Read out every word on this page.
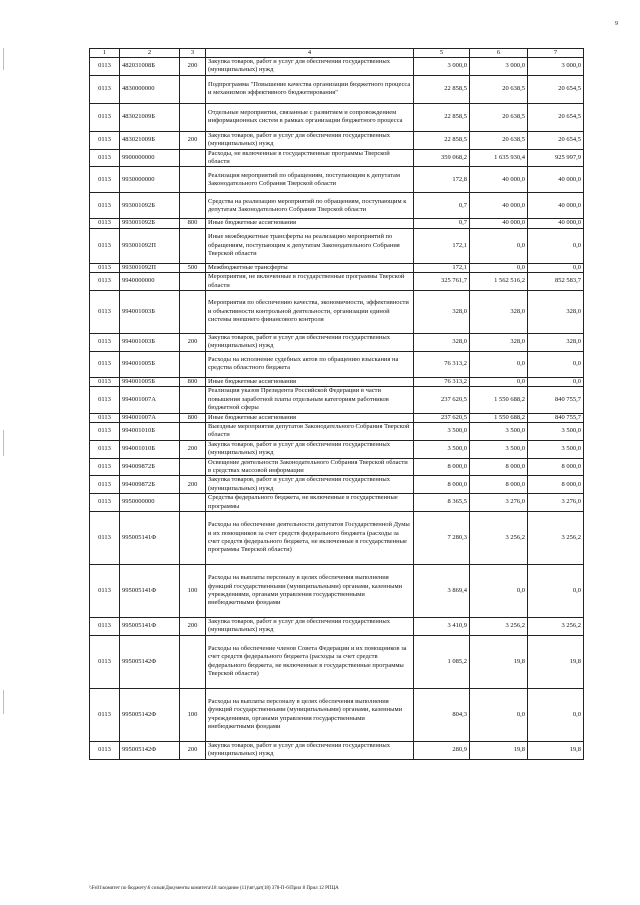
9
1	2	3	4	5	6	7
0113	482031008Б	200	Закупка товаров, работ и услуг для обеспечения государственных (муниципальных) нужд	3 000,0	3 000,0	3 000,0
0113	4830000000		Подпрограмма "Повышение качества организации бюджетного процесса и механизмов эффективного бюджетирования"	22 858,5	20 638,5	20 654,5
0113	483021009Б		Отдельные мероприятия, связанные с развитием и сопровождением информационных систем в рамках организации бюджетного процесса	22 858,5	20 638,5	20 654,5
0113	483021009Б	200	Закупка товаров, работ и услуг для обеспечения государственных (муниципальных) нужд	22 858,5	20 638,5	20 654,5
0113	9900000000		Расходы, не включенные в государственные программы Тверской области	359 068,2	1 635 930,4	925 997,9
0113	9930000000		Реализация мероприятий по обращениям, поступающим к депутатам Законодательного Собрания Тверской области	172,8	40 000,0	40 000,0
0113	993001092Б		Средства на реализацию мероприятий по обращениям, поступающим к депутатам Законодательного Собрания Тверской области	0,7	40 000,0	40 000,0
0113	993001092Б	800	Иные бюджетные ассигнования	0,7	40 000,0	40 000,0
0113	993001092П		Иные межбюджетные трансферты на реализацию мероприятий по обращениям, поступающим к депутатам Законодательного Собрания Тверской области	172,1	0,0	0,0
0113	993001092П	500	Межбюджетные трансферты	172,1	0,0	0,0
0113	9940000000		Мероприятия, не включенные в государственные программы Тверской области	325 761,7	1 562 516,2	852 583,7
0113	994001003Б		Мероприятия по обеспечению качества, экономичности, эффективности и объективности контрольной деятельности, организации единой системы внешнего финансового контроля	328,0	328,0	328,0
0113	994001003Б	200	Закупка товаров, работ и услуг для обеспечения государственных (муниципальных) нужд	328,0	328,0	328,0
0113	994001005Б		Расходы на исполнение судебных актов по обращению взыскания на средства областного бюджета	76 313,2	0,0	0,0
0113	994001005Б	800	Иные бюджетные ассигнования	76 313,2	0,0	0,0
0113	994001007А		Реализация указов Президента Российской Федерации в части повышения заработной платы отдельным категориям работников бюджетной сферы	237 620,5	1 550 688,2	840 755,7
0113	994001007А	800	Иные бюджетные ассигнования	237 620,5	1 550 688,2	840 755,7
0113	994001010Б		Выездные мероприятия депутатов Законодательного Собрания Тверской области	3 500,0	3 500,0	3 500,0
0113	994001010Б	200	Закупка товаров, работ и услуг для обеспечения государственных (муниципальных) нужд	3 500,0	3 500,0	3 500,0
0113	994009872Б		Освещение деятельности Законодательного Собрания Тверской области в средствах массовой информации	8 000,0	8 000,0	8 000,0
0113	994009872Б	200	Закупка товаров, работ и услуг для обеспечения государственных (муниципальных) нужд	8 000,0	8 000,0	8 000,0
0113	9950000000		Средства федерального бюджета, не включенные в государственные программы	8 365,5	3 276,0	3 276,0
0113	995005141Ф		Расходы на обеспечение деятельности депутатов Государственной Думы и их помощников за счет средств федерального бюджета (расходы за счет средств федерального бюджета, не включенные в государственные программы Тверской области)	7 280,3	3 256,2	3 256,2
0113	995005141Ф	100	Расходы на выплаты персоналу в целях обеспечения выполнения функций государственными (муниципальными) органами, казенными учреждениями, органами управления государственными внебюджетными фондами	3 869,4	0,0	0,0
0113	995005141Ф	200	Закупка товаров, работ и услуг для обеспечения государственных (муниципальных) нужд	3 410,9	3 256,2	3 256,2
0113	995005142Ф		Расходы на обеспечение членов Совета Федерации и их помощников за счет средств федерального бюджета (расходы за счет средств федерального бюджета, не включенные в государственные программы Тверской области)	1 085,2	19,8	19,8
0113	995005142Ф	100	Расходы на выплаты персоналу в целях обеспечения выполнения функций государственными (муниципальными) органами, казенными учреждениями, органами управления государственными внебюджетными фондами	804,3	0,0	0,0
0113	995005142Ф	200	Закупка товаров, работ и услуг для обеспечения государственных (муниципальных) нужд	280,9	19,8	19,8
\\Fs01\комитет по бюджету\6 созыв\Документы комитета\18 заседание (11)\вт\дат(18) 378-П-6\Прил 8 Прил 12 РПЦА
